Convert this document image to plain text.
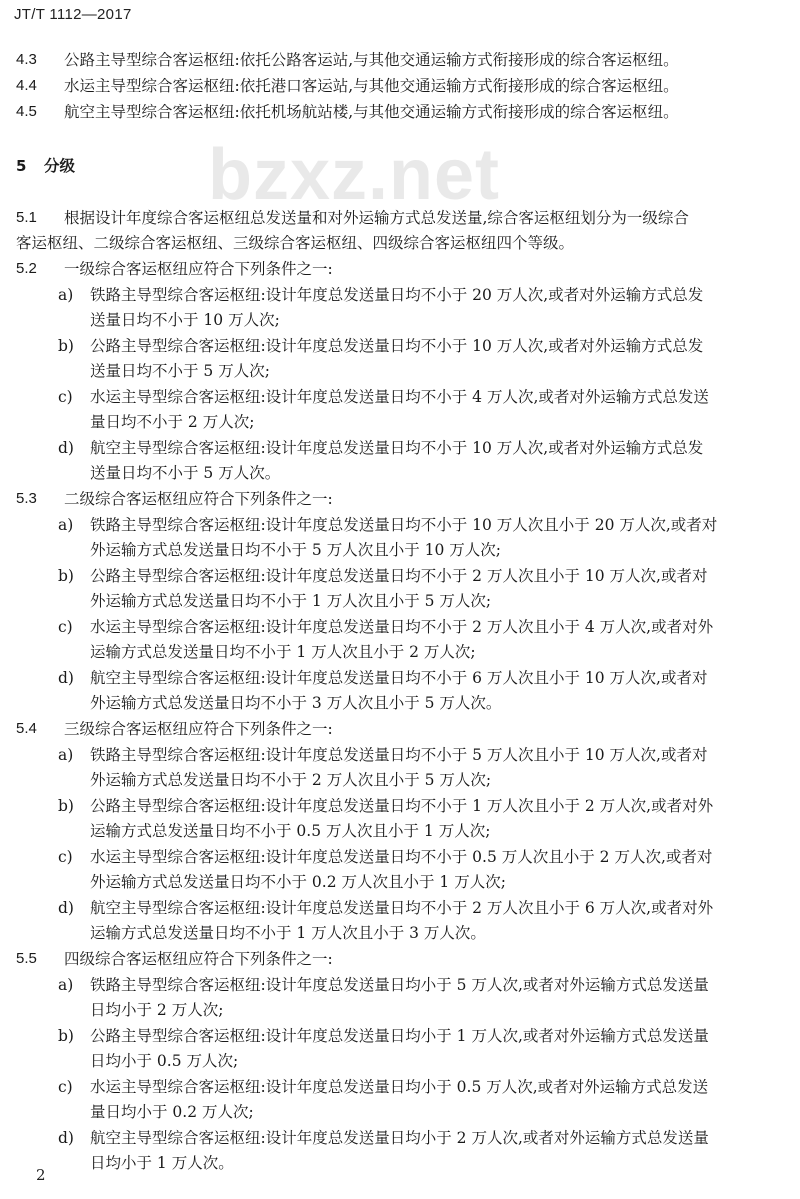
JT/T 1112—2017
bzxz.net
4.3 公路主导型综合客运枢纽:依托公路客运站,与其他交通运输方式衔接形成的综合客运枢纽。
4.4 水运主导型综合客运枢纽:依托港口客运站,与其他交通运输方式衔接形成的综合客运枢纽。
4.5 航空主导型综合客运枢纽:依托机场航站楼,与其他交通运输方式衔接形成的综合客运枢纽。
5 分级
5.1 根据设计年度综合客运枢纽总发送量和对外运输方式总发送量,综合客运枢纽划分为一级综合
客运枢纽、二级综合客运枢纽、三级综合客运枢纽、四级综合客运枢纽四个等级。
5.2 一级综合客运枢纽应符合下列条件之一:
a) 铁路主导型综合客运枢纽:设计年度总发送量日均不小于 20 万人次,或者对外运输方式总发
送量日均不小于 10 万人次;
b) 公路主导型综合客运枢纽:设计年度总发送量日均不小于 10 万人次,或者对外运输方式总发
送量日均不小于 5 万人次;
c) 水运主导型综合客运枢纽:设计年度总发送量日均不小于 4 万人次,或者对外运输方式总发送
量日均不小于 2 万人次;
d) 航空主导型综合客运枢纽:设计年度总发送量日均不小于 10 万人次,或者对外运输方式总发
送量日均不小于 5 万人次。
5.3 二级综合客运枢纽应符合下列条件之一:
a) 铁路主导型综合客运枢纽:设计年度总发送量日均不小于 10 万人次且小于 20 万人次,或者对
外运输方式总发送量日均不小于 5 万人次且小于 10 万人次;
b) 公路主导型综合客运枢纽:设计年度总发送量日均不小于 2 万人次且小于 10 万人次,或者对
外运输方式总发送量日均不小于 1 万人次且小于 5 万人次;
c) 水运主导型综合客运枢纽:设计年度总发送量日均不小于 2 万人次且小于 4 万人次,或者对外
运输方式总发送量日均不小于 1 万人次且小于 2 万人次;
d) 航空主导型综合客运枢纽:设计年度总发送量日均不小于 6 万人次且小于 10 万人次,或者对
外运输方式总发送量日均不小于 3 万人次且小于 5 万人次。
5.4 三级综合客运枢纽应符合下列条件之一:
a) 铁路主导型综合客运枢纽:设计年度总发送量日均不小于 5 万人次且小于 10 万人次,或者对
外运输方式总发送量日均不小于 2 万人次且小于 5 万人次;
b) 公路主导型综合客运枢纽:设计年度总发送量日均不小于 1 万人次且小于 2 万人次,或者对外
运输方式总发送量日均不小于 0.5 万人次且小于 1 万人次;
c) 水运主导型综合客运枢纽:设计年度总发送量日均不小于 0.5 万人次且小于 2 万人次,或者对
外运输方式总发送量日均不小于 0.2 万人次且小于 1 万人次;
d) 航空主导型综合客运枢纽:设计年度总发送量日均不小于 2 万人次且小于 6 万人次,或者对外
运输方式总发送量日均不小于 1 万人次且小于 3 万人次。
5.5 四级综合客运枢纽应符合下列条件之一:
a) 铁路主导型综合客运枢纽:设计年度总发送量日均小于 5 万人次,或者对外运输方式总发送量
日均小于 2 万人次;
b) 公路主导型综合客运枢纽:设计年度总发送量日均小于 1 万人次,或者对外运输方式总发送量
日均小于 0.5 万人次;
c) 水运主导型综合客运枢纽:设计年度总发送量日均小于 0.5 万人次,或者对外运输方式总发送
量日均小于 0.2 万人次;
d) 航空主导型综合客运枢纽:设计年度总发送量日均小于 2 万人次,或者对外运输方式总发送量
日均小于 1 万人次。
2
